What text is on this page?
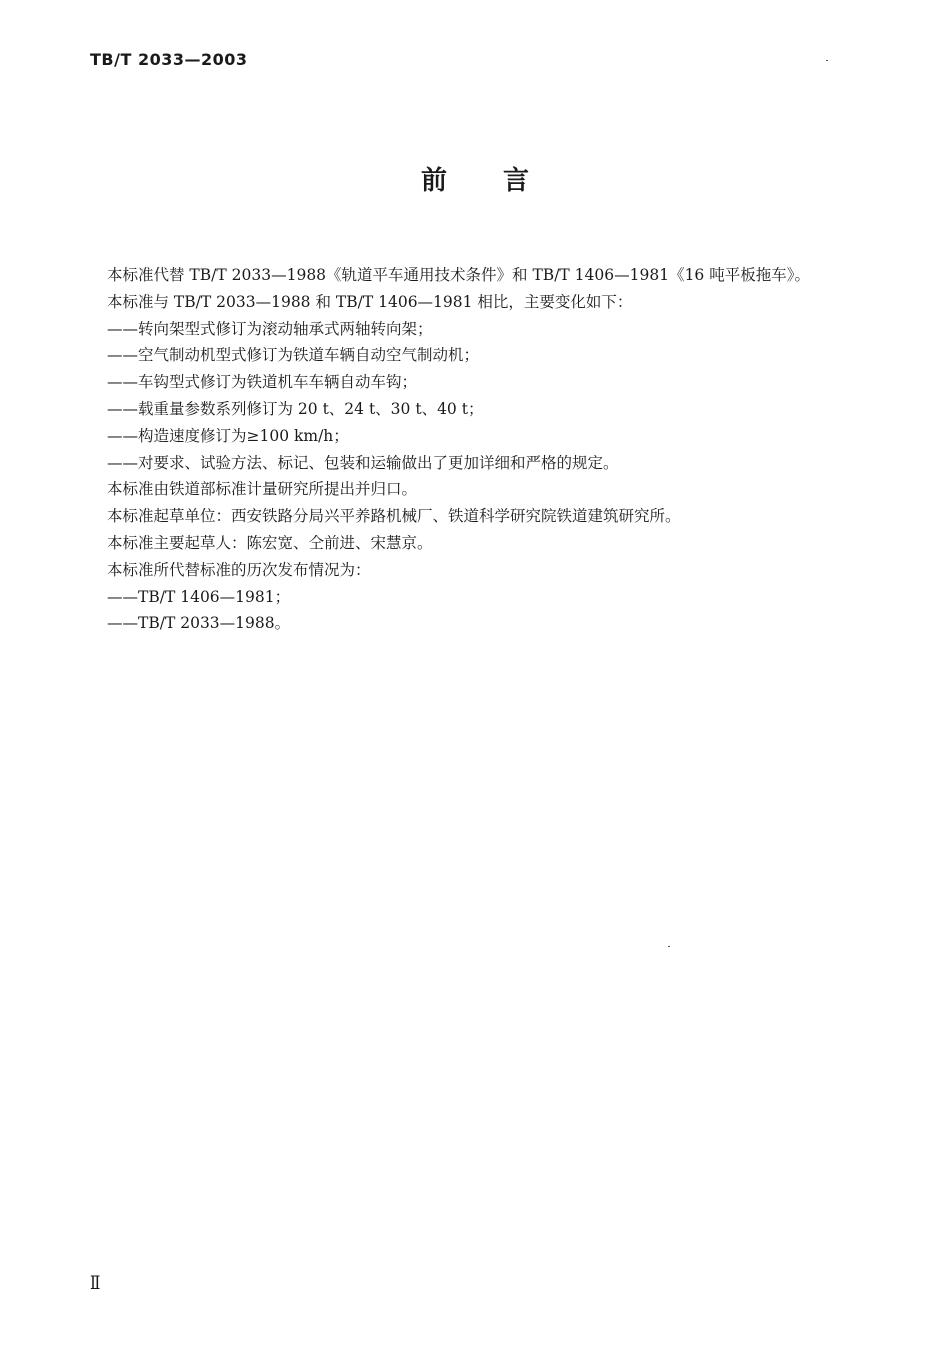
TB/T 2033—2003
前言
本标准代替 TB/T 2033—1988《轨道平车通用技术条件》和 TB/T 1406—1981《16 吨平板拖车》。
本标准与 TB/T 2033—1988 和 TB/T 1406—1981 相比，主要变化如下：
——转向架型式修订为滚动轴承式两轴转向架；
——空气制动机型式修订为铁道车辆自动空气制动机；
——车钩型式修订为铁道机车车辆自动车钩；
——载重量参数系列修订为 20 t、24 t、30 t、40 t；
——构造速度修订为≥100 km/h；
——对要求、试验方法、标记、包装和运输做出了更加详细和严格的规定。
本标准由铁道部标准计量研究所提出并归口。
本标准起草单位：西安铁路分局兴平养路机械厂、铁道科学研究院铁道建筑研究所。
本标准主要起草人：陈宏宽、仝前进、宋慧京。
本标准所代替标准的历次发布情况为：
——TB/T 1406—1981；
——TB/T 2033—1988。
Ⅱ
